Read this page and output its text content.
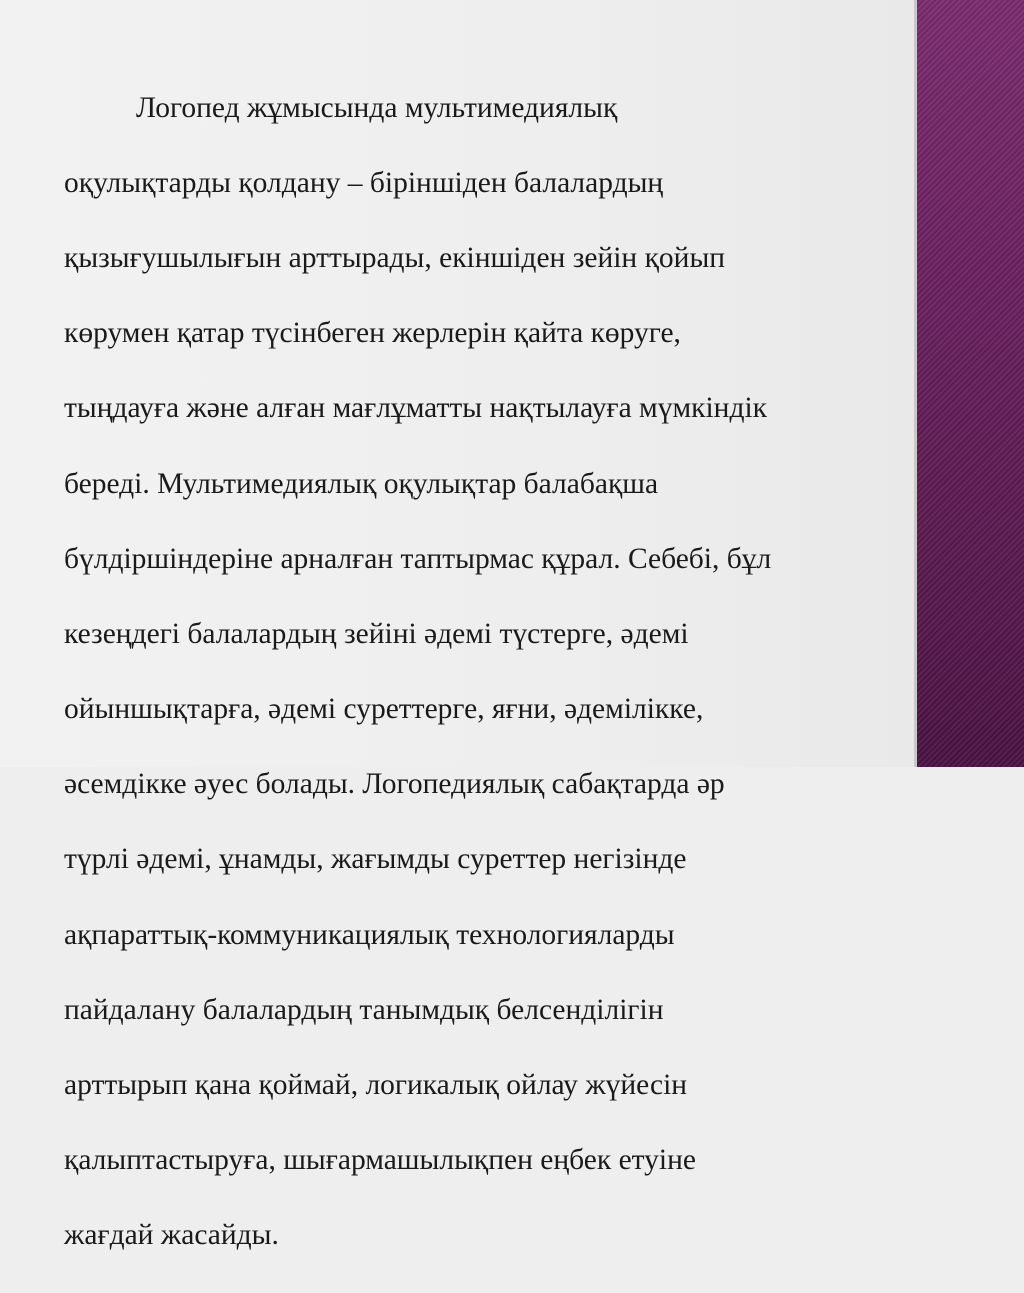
Логопед жұмысында мультимедиялық

оқулықтарды қолдану – біріншіден балалардың

қызығушылығын арттырады, екіншіден зейін қойып

көрумен қатар түсінбеген жерлерін қайта көруге,

тыңдауға және алған мағлұматты нақтылауға мүмкіндік

береді. Мультимедиялық оқулықтар балабақша

бүлдіршіндеріне арналған таптырмас құрал. Себебі, бұл

кезеңдегі балалардың зейіні әдемі түстерге, әдемі

ойыншықтарға, әдемі суреттерге, яғни, әдемілікке,

әсемдікке әуес болады. Логопедиялық сабақтарда әр

түрлі әдемі, ұнамды, жағымды суреттер негізінде

ақпараттық-коммуникациялық технологияларды

пайдалану балалардың танымдық белсенділігін

арттырып қана қоймай, логикалық ойлау жүйесін

қалыптастыруға, шығармашылықпен еңбек етуіне

жағдай жасайды.
